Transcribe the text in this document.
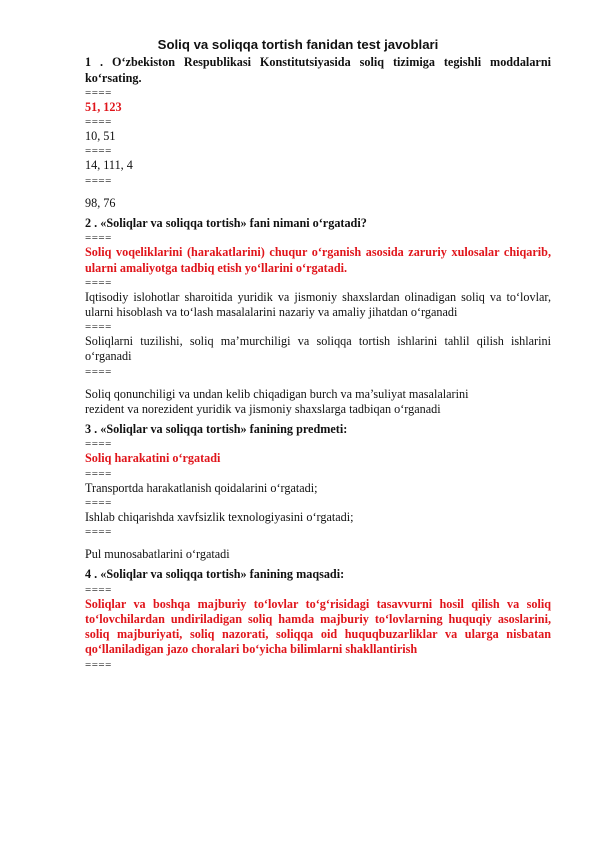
Soliq va soliqqa tortish fanidan test javoblari

1 . O‘zbekiston Respublikasi Konstitutsiyasida soliq tizimiga tegishli moddalarni ko‘rsating.

====

51, 123

====

10, 51

====

14, 111, 4

====

98, 76

2 . «Soliqlar va soliqqa tortish» fani nimani o‘rgatadi?

====

Soliq voqeliklarini (harakatlarini) chuqur o‘rganish asosida zaruriy xulosalar chiqarib, ularni amaliyotga tadbiq etish yo‘llarini o‘rgatadi.

====

Iqtisodiy islohotlar sharoitida yuridik va jismoniy shaxslardan olinadigan soliq va to‘lovlar, ularni hisoblash va to‘lash masalalarini nazariy va amaliy jihatdan o‘rganadi

====

Soliqlarni tuzilishi, soliq ma’murchiligi va soliqqa tortish ishlarini tahlil qilish ishlarini o‘rganadi

====

Soliq qonunchiligi va undan kelib chiqadigan burch va ma’suliyat masalalarini

rezident va norezident yuridik va jismoniy shaxslarga tadbiqan o‘rganadi

3 . «Soliqlar va soliqqa tortish» fanining predmeti:

====

Soliq harakatini o‘rgatadi

====

Transportda harakatlanish qoidalarini o‘rgatadi;

====

Ishlab chiqarishda xavfsizlik texnologiyasini o‘rgatadi;

====

Pul munosabatlarini o‘rgatadi

4 . «Soliqlar va soliqqa tortish» fanining maqsadi:

====

Soliqlar va boshqa majburiy to‘lovlar to‘g‘risidagi tasavvurni hosil qilish va soliq to‘lovchilardan undiriladigan soliq hamda majburiy to‘lovlarning huquqiy asoslarini, soliq majburiyati, soliq nazorati, soliqqa oid huquqbuzarliklar va ularga nisbatan qo‘llaniladigan jazo choralari bo‘yicha bilimlarni shakllantirish

====
